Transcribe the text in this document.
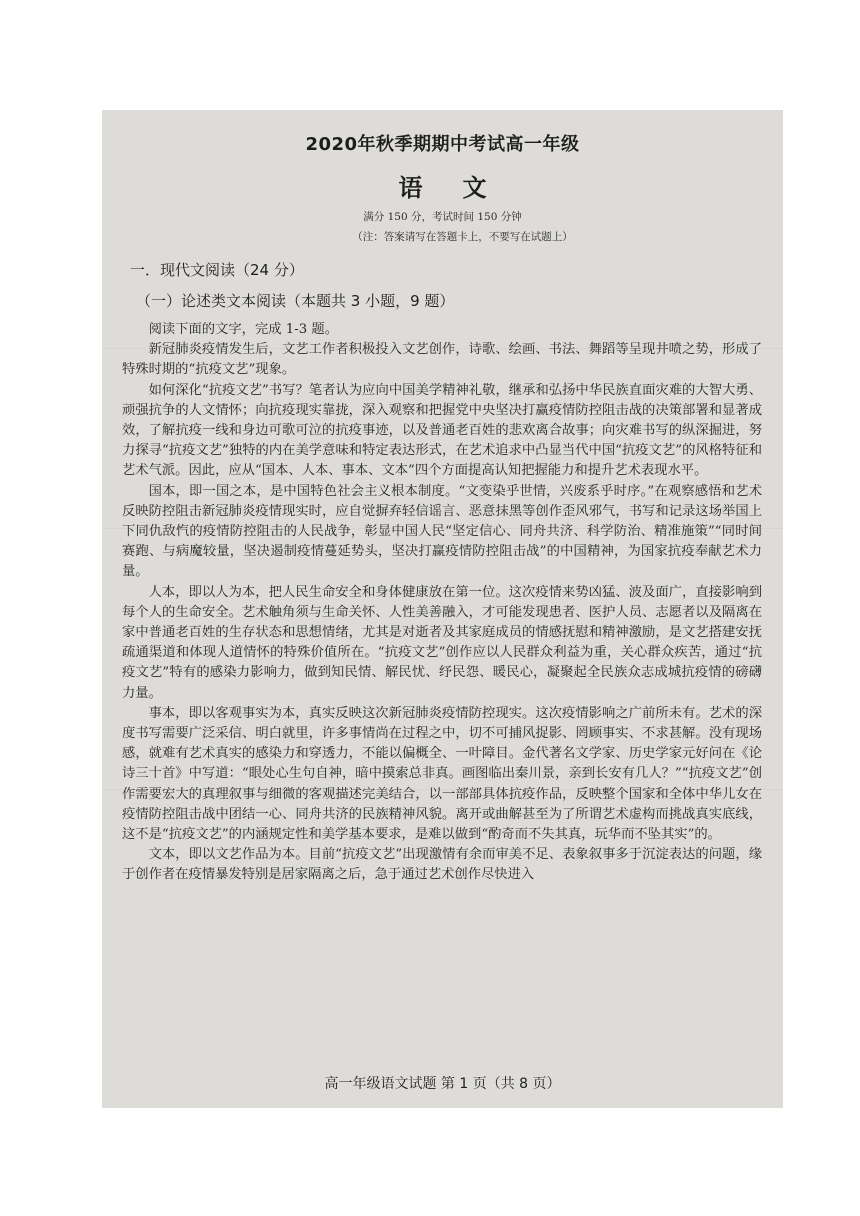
2020年秋季期期中考试高一年级
语文
满分 150 分，考试时间 150 分钟
（注：答案请写在答题卡上，不要写在试题上）
一．现代文阅读（24 分）
（一）论述类文本阅读（本题共 3 小题，9 题）

阅读下面的文字，完成 1-3 题。

新冠肺炎疫情发生后，文艺工作者积极投入文艺创作，诗歌、绘画、书法、舞蹈等呈现井喷之势，形成了特殊时期的“抗疫文艺”现象。

如何深化“抗疫文艺”书写？笔者认为应向中国美学精神礼敬，继承和弘扬中华民族直面灾难的大智大勇、顽强抗争的人文情怀；向抗疫现实靠拢，深入观察和把握党中央坚决打赢疫情防控阻击战的决策部署和显著成效，了解抗疫一线和身边可歌可泣的抗疫事迹，以及普通老百姓的悲欢离合故事；向灾难书写的纵深掘进，努力探寻“抗疫文艺”独特的内在美学意味和特定表达形式，在艺术追求中凸显当代中国“抗疫文艺”的风格特征和艺术气派。因此，应从“国本、人本、事本、文本”四个方面提高认知把握能力和提升艺术表现水平。

国本，即一国之本，是中国特色社会主义根本制度。“文变染乎世情，兴废系乎时序。”在观察感悟和艺术反映防控阻击新冠肺炎疫情现实时，应自觉摒弃轻信谣言、恶意抹黑等创作歪风邪气，书写和记录这场举国上下同仇敌忾的疫情防控阻击的人民战争，彰显中国人民“坚定信心、同舟共济、科学防治、精准施策”“同时间赛跑、与病魔较量，坚决遏制疫情蔓延势头，坚决打赢疫情防控阻击战”的中国精神，为国家抗疫奉献艺术力量。

人本，即以人为本，把人民生命安全和身体健康放在第一位。这次疫情来势凶猛、波及面广，直接影响到每个人的生命安全。艺术触角须与生命关怀、人性美善融入，才可能发现患者、医护人员、志愿者以及隔离在家中普通老百姓的生存状态和思想情绪，尤其是对逝者及其家庭成员的情感抚慰和精神激励，是文艺搭建安抚疏通渠道和体现人道情怀的特殊价值所在。“抗疫文艺”创作应以人民群众利益为重，关心群众疾苦，通过“抗疫文艺”特有的感染力影响力，做到知民情、解民忧、纾民怨、暖民心，凝聚起全民族众志成城抗疫情的磅礴力量。

事本，即以客观事实为本，真实反映这次新冠肺炎疫情防控现实。这次疫情影响之广前所未有。艺术的深度书写需要广泛采信、明白就里，许多事情尚在过程之中，切不可捕风捉影、罔顾事实、不求甚解。没有现场感，就难有艺术真实的感染力和穿透力，不能以偏概全、一叶障目。金代著名文学家、历史学家元好问在《论诗三十首》中写道：“眼处心生句自神，暗中摸索总非真。画图临出秦川景，亲到长安有几人？”“抗疫文艺”创作需要宏大的真理叙事与细微的客观描述完美结合，以一部部具体抗疫作品，反映整个国家和全体中华儿女在疫情防控阻击战中团结一心、同舟共济的民族精神风貌。离开或曲解甚至为了所谓艺术虚构而挑战真实底线，这不是“抗疫文艺”的内涵规定性和美学基本要求，是难以做到“酌奇而不失其真，玩华而不坠其实”的。

文本，即以文艺作品为本。目前“抗疫文艺”出现激情有余而审美不足、表象叙事多于沉淀表达的问题，缘于创作者在疫情暴发特别是居家隔离之后，急于通过艺术创作尽快进入

高一年级语文试题 第 1 页（共 8 页）
